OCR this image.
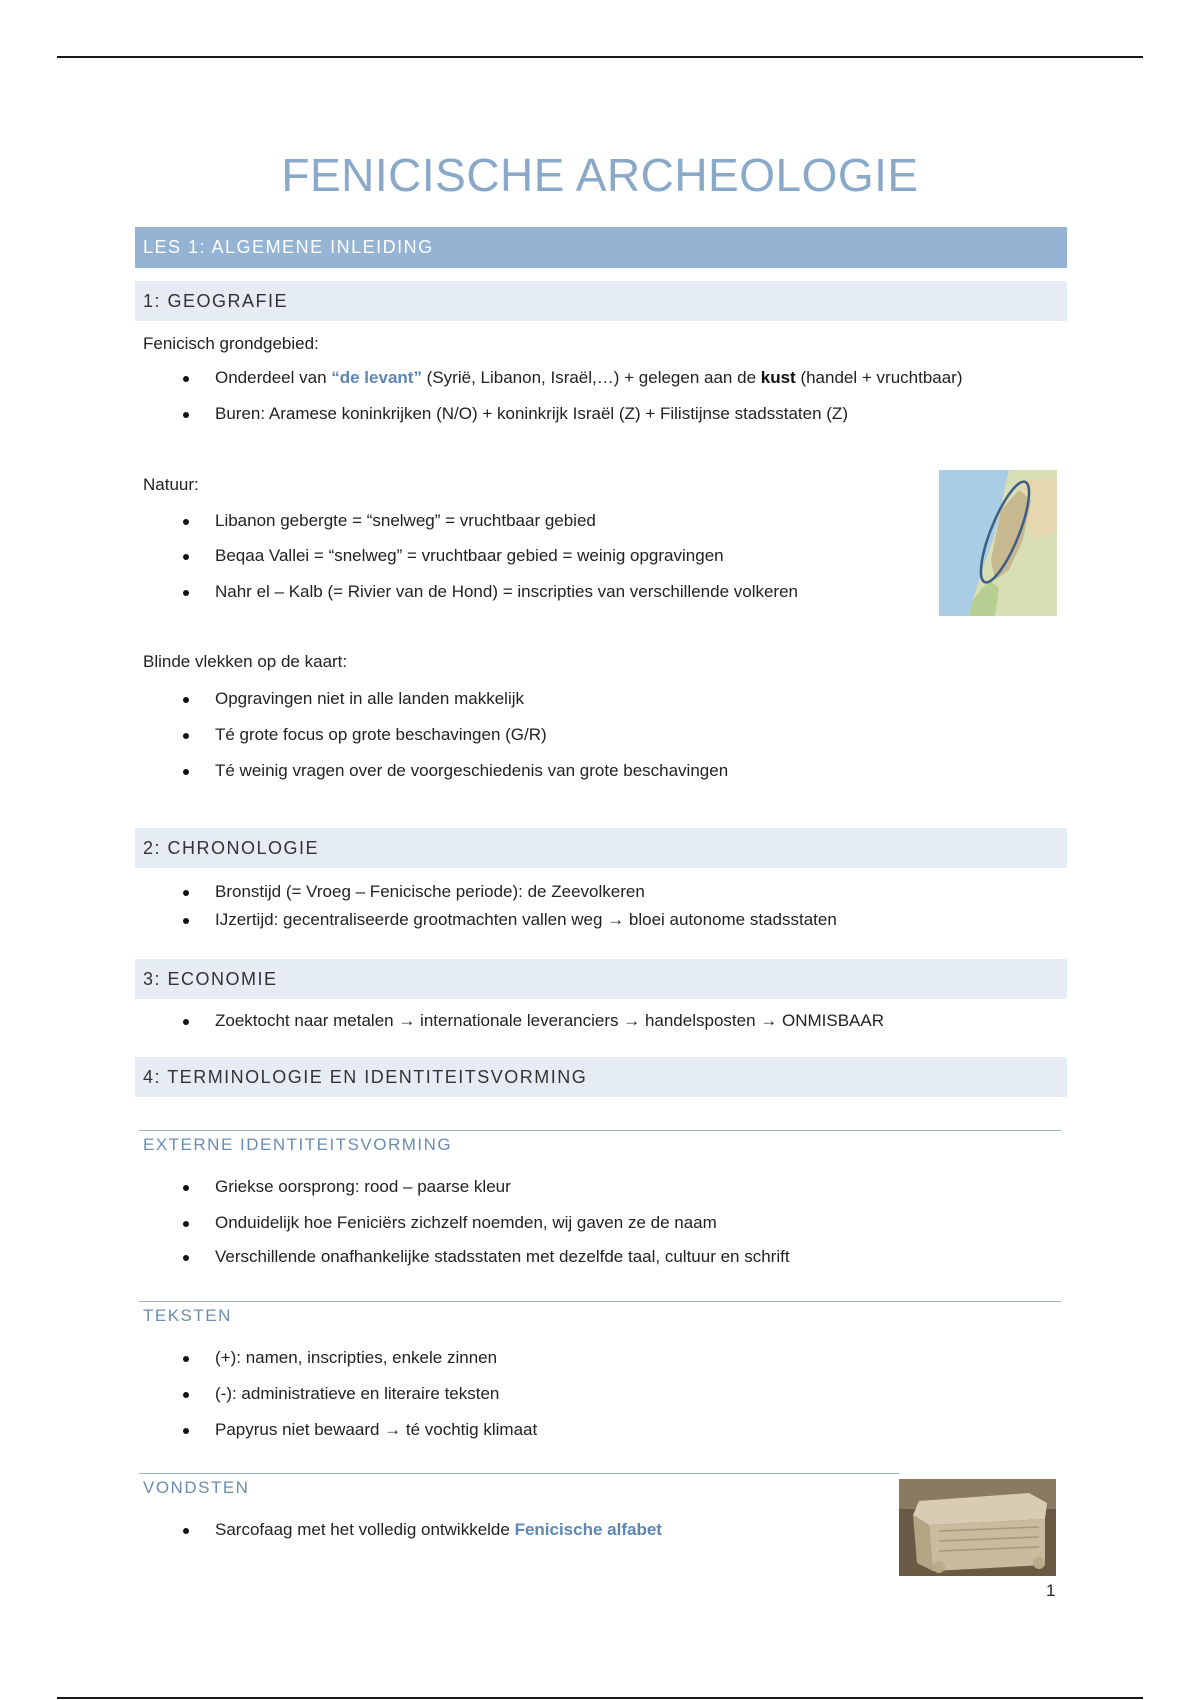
FENICISCHE ARCHEOLOGIE
LES 1: ALGEMENE INLEIDING
1: GEOGRAFIE
Fenicisch grondgebied:
Onderdeel van “de levant” (Syrië, Libanon, Israël,…) + gelegen aan de kust (handel + vruchtbaar)
Buren: Aramese koninkrijken (N/O) + koninkrijk Israël (Z) + Filistijnse stadsstaten (Z)
Natuur:
Libanon gebergte = “snelweg” = vruchtbaar gebied
Beqaa Vallei = “snelweg” = vruchtbaar gebied = weinig opgravingen
Nahr el – Kalb (= Rivier van de Hond) = inscripties van verschillende volkeren
Blinde vlekken op de kaart:
Opgravingen niet in alle landen makkelijk
Té grote focus op grote beschavingen (G/R)
Té weinig vragen over de voorgeschiedenis van grote beschavingen
2: CHRONOLOGIE
Bronstijd (= Vroeg – Fenicische periode): de Zeevolkeren
IJzertijd: gecentraliseerde grootmachten vallen weg → bloei autonome stadsstaten
3: ECONOMIE
Zoektocht naar metalen → internationale leveranciers → handelsposten → ONMISBAAR
4: TERMINOLOGIE EN IDENTITEITSVORMING
EXTERNE IDENTITEITSVORMING
Griekse oorsprong: rood – paarse kleur
Onduidelijk hoe Feniciërs zichzelf noemden, wij gaven ze de naam
Verschillende onafhankelijke stadsstaten met dezelfde taal, cultuur en schrift
TEKSTEN
(+): namen, inscripties, enkele zinnen
(-): administratieve en literaire teksten
Papyrus niet bewaard → té vochtig klimaat
VONDSTEN
Sarcofaag met het volledig ontwikkelde Fenicische alfabet
1
